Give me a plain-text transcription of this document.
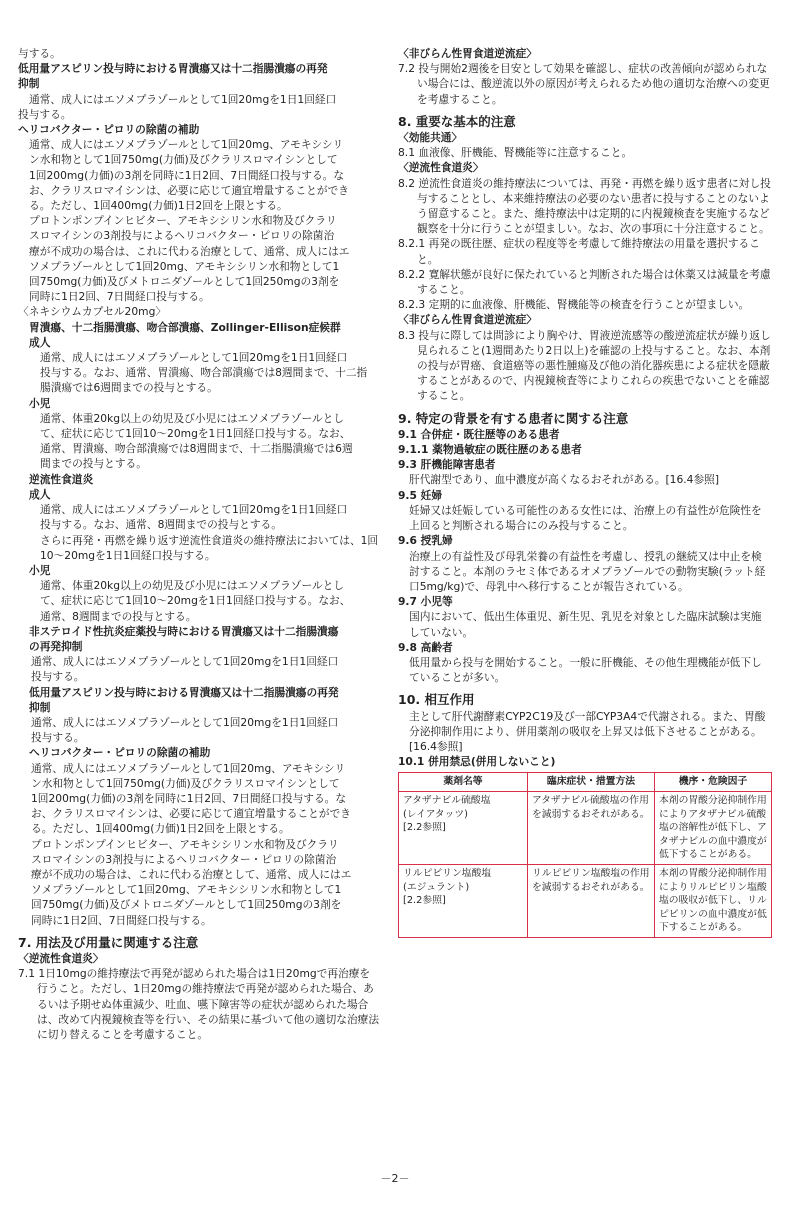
与する。

低用量アスピリン投与時における胃潰瘍又は十二指腸潰瘍の再発

抑制

通常、成人にはエソメプラゾールとして1回20mgを1日1回経口

投与する。

ヘリコバクター・ピロリの除菌の補助

通常、成人にはエソメプラゾールとして1回20mg、アモキシシリ

ン水和物として1回750mg(力価)及びクラリスロマイシンとして

1回200mg(力価)の3剤を同時に1日2回、7日間経口投与する。な

お、クラリスロマイシンは、必要に応じて適宜増量することができ

る。ただし、1回400mg(力価)1日2回を上限とする。

プロトンポンプインヒビター、アモキシシリン水和物及びクラリ

スロマイシンの3剤投与によるヘリコバクター・ピロリの除菌治

療が不成功の場合は、これに代わる治療として、通常、成人にはエ

ソメプラゾールとして1回20mg、アモキシシリン水和物として1

回750mg(力価)及びメトロニダゾールとして1回250mgの3剤を

同時に1日2回、7日間経口投与する。

〈ネキシウムカプセル20mg〉

胃潰瘍、十二指腸潰瘍、吻合部潰瘍、Zollinger-Ellison症候群

成人

通常、成人にはエソメプラゾールとして1回20mgを1日1回経口

投与する。なお、通常、胃潰瘍、吻合部潰瘍では8週間まで、十二指

腸潰瘍では6週間までの投与とする。

小児

通常、体重20kg以上の幼児及び小児にはエソメプラゾールとし

て、症状に応じて1回10～20mgを1日1回経口投与する。なお、

通常、胃潰瘍、吻合部潰瘍では8週間まで、十二指腸潰瘍では6週

間までの投与とする。

逆流性食道炎

成人

通常、成人にはエソメプラゾールとして1回20mgを1日1回経口

投与する。なお、通常、8週間までの投与とする。

さらに再発・再燃を繰り返す逆流性食道炎の維持療法においては、1回10～20mgを1日1回経口投与する。

小児

通常、体重20kg以上の幼児及び小児にはエソメプラゾールとし

て、症状に応じて1回10～20mgを1日1回経口投与する。なお、

通常、8週間までの投与とする。

非ステロイド性抗炎症薬投与時における胃潰瘍又は十二指腸潰瘍

の再発抑制

通常、成人にはエソメプラゾールとして1回20mgを1日1回経口

投与する。

低用量アスピリン投与時における胃潰瘍又は十二指腸潰瘍の再発

抑制

通常、成人にはエソメプラゾールとして1回20mgを1日1回経口

投与する。

ヘリコバクター・ピロリの除菌の補助

通常、成人にはエソメプラゾールとして1回20mg、アモキシシリ

ン水和物として1回750mg(力価)及びクラリスロマイシンとして

1回200mg(力価)の3剤を同時に1日2回、7日間経口投与する。な

お、クラリスロマイシンは、必要に応じて適宜増量することができ

る。ただし、1回400mg(力価)1日2回を上限とする。

プロトンポンプインヒビター、アモキシシリン水和物及びクラリ

スロマイシンの3剤投与によるヘリコバクター・ピロリの除菌治

療が不成功の場合は、これに代わる治療として、通常、成人にはエ

ソメプラゾールとして1回20mg、アモキシシリン水和物として1

回750mg(力価)及びメトロニダゾールとして1回250mgの3剤を

同時に1日2回、7日間経口投与する。

7. 用法及び用量に関連する注意

〈逆流性食道炎〉

7.1 1日10mgの維持療法で再発が認められた場合は1日20mgで再治療を行うこと。ただし、1日20mgの維持療法で再発が認められた場合、あるいは予期せぬ体重減少、吐血、嚥下障害等の症状が認められた場合は、改めて内視鏡検査等を行い、その結果に基づいて他の適切な治療法に切り替えることを考慮すること。

〈非びらん性胃食道逆流症〉

7.2 投与開始2週後を目安として効果を確認し、症状の改善傾向が認められない場合には、酸逆流以外の原因が考えられるため他の適切な治療への変更を考慮すること。

8. 重要な基本的注意

〈効能共通〉

8.1 血液像、肝機能、腎機能等に注意すること。

〈逆流性食道炎〉

8.2 逆流性食道炎の維持療法については、再発・再燃を繰り返す患者に対し投与することとし、本来維持療法の必要のない患者に投与することのないよう留意すること。また、維持療法中は定期的に内視鏡検査を実施するなど観察を十分に行うことが望ましい。なお、次の事項に十分注意すること。

8.2.1 再発の既往歴、症状の程度等を考慮して維持療法の用量を選択すること。

8.2.2 寛解状態が良好に保たれていると判断された場合は休薬又は減量を考慮すること。

8.2.3 定期的に血液像、肝機能、腎機能等の検査を行うことが望ましい。

〈非びらん性胃食道逆流症〉

8.3 投与に際しては問診により胸やけ、胃液逆流感等の酸逆流症状が繰り返し見られること(1週間あたり2日以上)を確認の上投与すること。なお、本剤の投与が胃癌、食道癌等の悪性腫瘍及び他の消化器疾患による症状を隠蔽することがあるので、内視鏡検査等によりこれらの疾患でないことを確認すること。

9. 特定の背景を有する患者に関する注意

9.1 合併症・既往歴等のある患者

9.1.1 薬物過敏症の既往歴のある患者

9.3 肝機能障害患者

肝代謝型であり、血中濃度が高くなるおそれがある。[16.4参照]

9.5 妊婦

妊婦又は妊娠している可能性のある女性には、治療上の有益性が危険性を上回ると判断される場合にのみ投与すること。

9.6 授乳婦

治療上の有益性及び母乳栄養の有益性を考慮し、授乳の継続又は中止を検討すること。本剤のラセミ体であるオメプラゾールでの動物実験(ラット経口5mg/kg)で、母乳中へ移行することが報告されている。

9.7 小児等

国内において、低出生体重児、新生児、乳児を対象とした臨床試験は実施していない。

9.8 高齢者

低用量から投与を開始すること。一般に肝機能、その他生理機能が低下していることが多い。

10. 相互作用

主として肝代謝酵素CYP2C19及び一部CYP3A4で代謝される。また、胃酸分泌抑制作用により、併用薬剤の吸収を上昇又は低下させることがある。[16.4参照]

10.1 併用禁忌(併用しないこと)

薬剤名等	臨床症状・措置方法	機序・危険因子
アタザナビル硫酸塩
(レイアタッツ)
[2.2参照]	アタザナビル硫酸塩の作用を減弱するおそれがある。	本剤の胃酸分泌抑制作用によりアタザナビル硫酸塩の溶解性が低下し、アタザナビルの血中濃度が低下することがある。
リルピビリン塩酸塩
(エジュラント)
[2.2参照]	リルピビリン塩酸塩の作用を減弱するおそれがある。	本剤の胃酸分泌抑制作用によりリルピビリン塩酸塩の吸収が低下し、リルピビリンの血中濃度が低下することがある。
－2－
